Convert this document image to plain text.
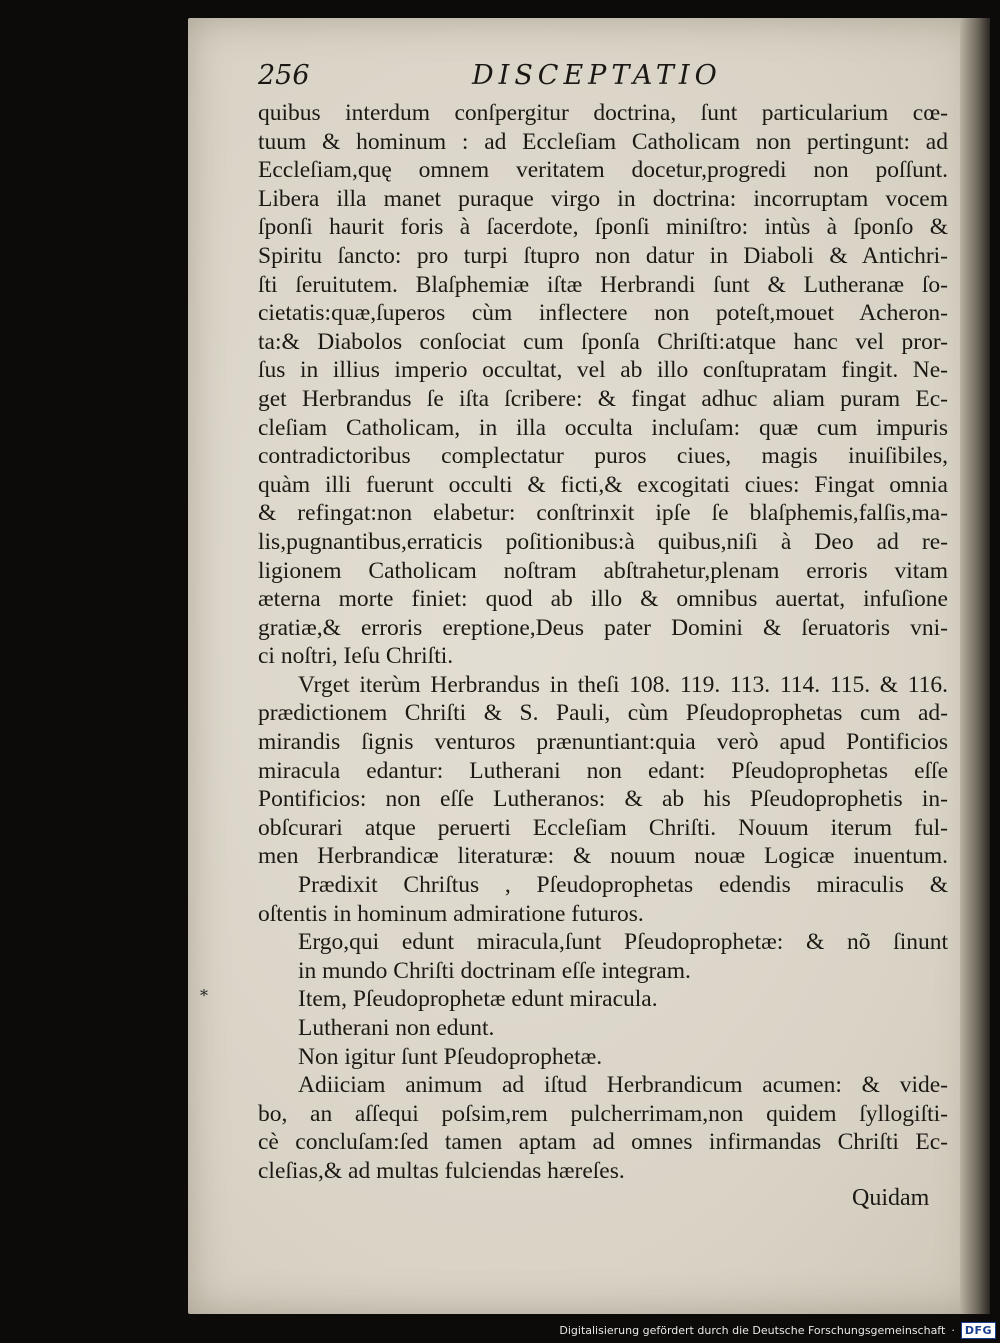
256	DISCEPTATIO
*
quibus interdum conſpergitur doctrina, ſunt particularium cœ-
tuum & hominum : ad Eccleſiam Catholicam non pertingunt: ad
Eccleſiam,quę omnem veritatem docetur,progredi non poſſunt.
Libera illa manet puraque virgo in doctrina: incorruptam vocem
ſponſi haurit foris à ſacerdote, ſponſi miniſtro: intùs à ſponſo &
Spiritu ſancto: pro turpi ſtupro non datur in Diaboli & Antichri-
ſti ſeruitutem. Blaſphemiæ iſtæ Herbrandi ſunt & Lutheranæ ſo-
cietatis:quæ,ſuperos cùm inflectere non poteſt,mouet Acheron-
ta:& Diabolos conſociat cum ſponſa Chriſti:atque hanc vel pror-
ſus in illius imperio occultat, vel ab illo conſtupratam fingit. Ne-
get Herbrandus ſe iſta ſcribere: & fingat adhuc aliam puram Ec-
cleſiam Catholicam, in illa occulta incluſam: quæ cum impuris
contradictoribus complectatur puros ciues, magis inuiſibiles,
quàm illi fuerunt occulti & ficti,& excogitati ciues: Fingat omnia
& refingat:non elabetur: conſtrinxit ipſe ſe blaſphemis,falſis,ma-
lis,pugnantibus,erraticis poſitionibus:à quibus,niſi à Deo ad re-
ligionem Catholicam noſtram abſtrahetur,plenam erroris vitam
æterna morte finiet: quod ab illo & omnibus auertat, infuſione
gratiæ,& erroris ereptione,Deus pater Domini & ſeruatoris vni-
ci noſtri, Ieſu Chriſti.
Vrget iterùm Herbrandus in theſi 108. 119. 113. 114. 115. & 116.
prædictionem Chriſti & S. Pauli, cùm Pſeudoprophetas cum ad-
mirandis ſignis venturos prænuntiant:quia verò apud Pontificios
miracula edantur: Lutherani non edant: Pſeudoprophetas eſſe
Pontificios: non eſſe Lutheranos: & ab his Pſeudoprophetis in-
obſcurari atque peruerti Eccleſiam Chriſti. Nouum iterum ful-
men Herbrandicæ literaturæ: & nouum nouæ Logicæ inuentum.
Prædixit Chriſtus , Pſeudoprophetas edendis miraculis &
oſtentis in hominum admiratione futuros.
Ergo,qui edunt miracula,ſunt Pſeudoprophetæ: & nõ ſinunt
in mundo Chriſti doctrinam eſſe integram.
Item, Pſeudoprophetæ edunt miracula.
Lutherani non edunt.
Non igitur ſunt Pſeudoprophetæ.
Adiiciam animum ad iſtud Herbrandicum acumen: & vide-
bo, an aſſequi poſsim,rem pulcherrimam,non quidem ſyllogiſti-
cè concluſam:ſed tamen aptam ad omnes infirmandas Chriſti Ec-
cleſias,& ad multas fulciendas hæreſes.
Quidam
Digitalisierung gefördert durch die Deutsche Forschungsgemeinschaft · DFG
